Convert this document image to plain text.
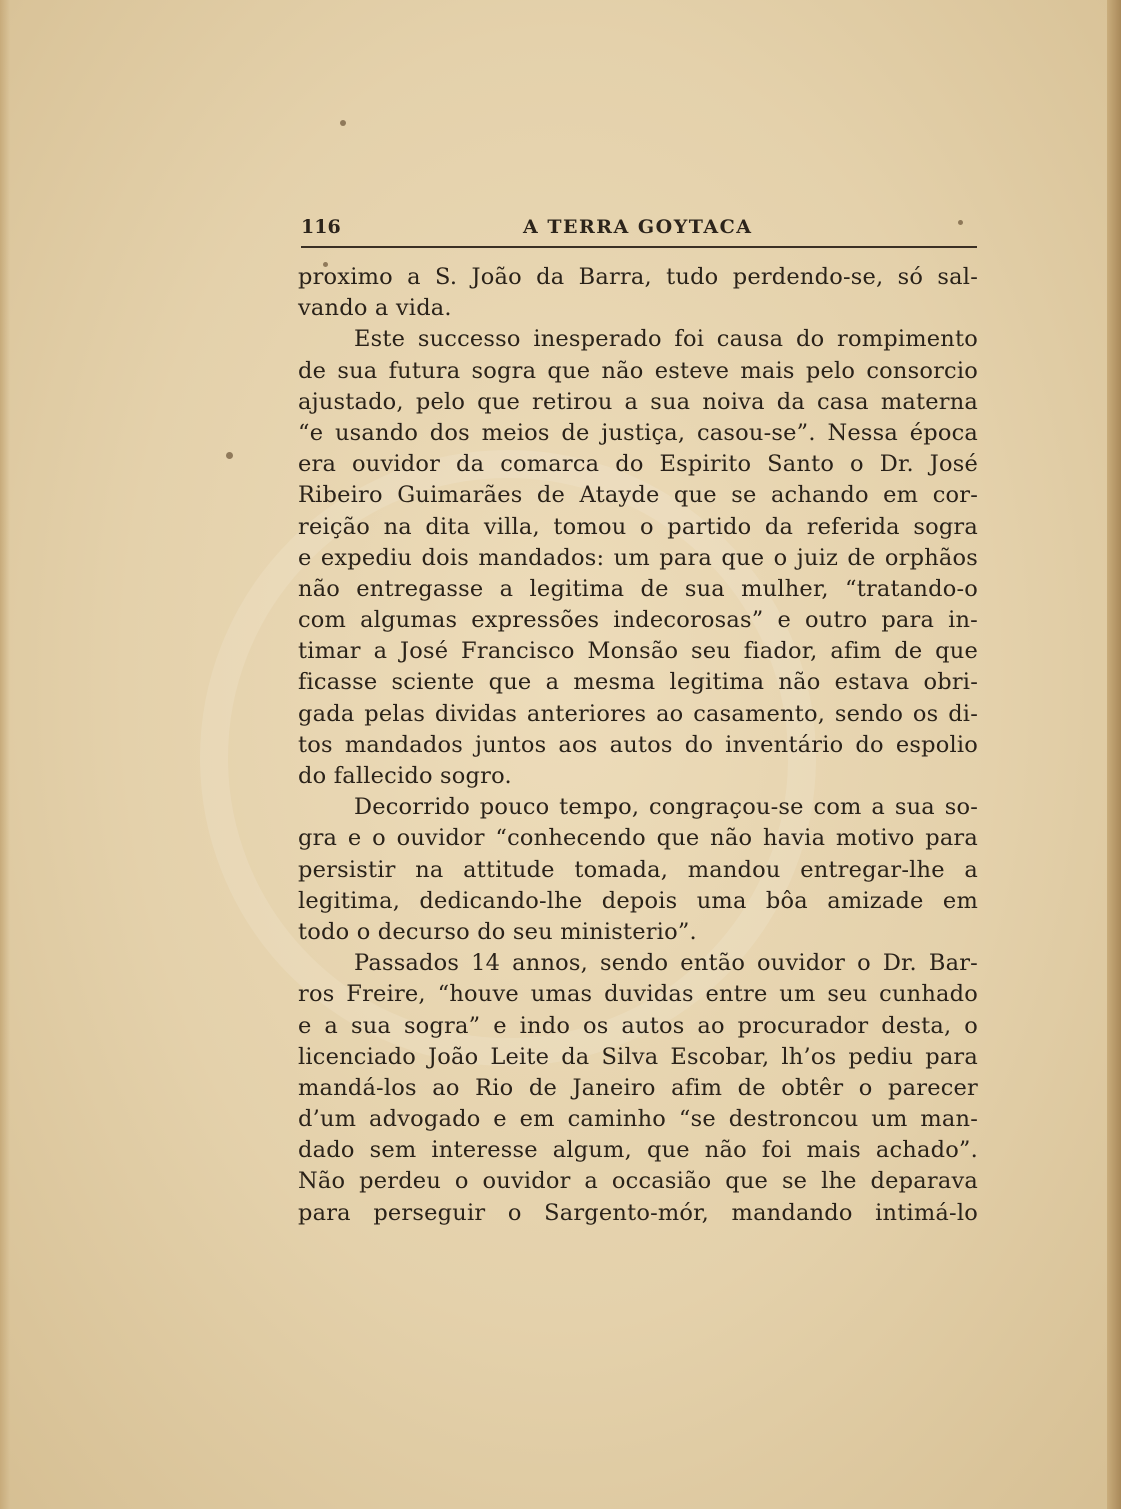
116	A TERRA GOYTACA
proximo a S. João da Barra, tudo perdendo-se, só sal-
vando a vida.
Este successo inesperado foi causa do rompimento
de sua futura sogra que não esteve mais pelo consorcio
ajustado, pelo que retirou a sua noiva da casa materna
“e usando dos meios de justiça, casou-se”. Nessa época
era ouvidor da comarca do Espirito Santo o Dr. José
Ribeiro Guimarães de Atayde que se achando em cor-
reição na dita villa, tomou o partido da referida sogra
e expediu dois mandados: um para que o juiz de orphãos
não entregasse a legitima de sua mulher, “tratando-o
com algumas expressões indecorosas” e outro para in-
timar a José Francisco Monsão seu fiador, afim de que
ficasse sciente que a mesma legitima não estava obri-
gada pelas dividas anteriores ao casamento, sendo os di-
tos mandados juntos aos autos do inventário do espolio
do fallecido sogro.
Decorrido pouco tempo, congraçou-se com a sua so-
gra e o ouvidor “conhecendo que não havia motivo para
persistir na attitude tomada, mandou entregar-lhe a
legitima, dedicando-lhe depois uma bôa amizade em
todo o decurso do seu ministerio”.
Passados 14 annos, sendo então ouvidor o Dr. Bar-
ros Freire, “houve umas duvidas entre um seu cunhado
e a sua sogra” e indo os autos ao procurador desta, o
licenciado João Leite da Silva Escobar, lh’os pediu para
mandá-los ao Rio de Janeiro afim de obtêr o parecer
d’um advogado e em caminho “se destroncou um man-
dado sem interesse algum, que não foi mais achado”.
Não perdeu o ouvidor a occasião que se lhe deparava
para perseguir o Sargento-mór, mandando intimá-lo
